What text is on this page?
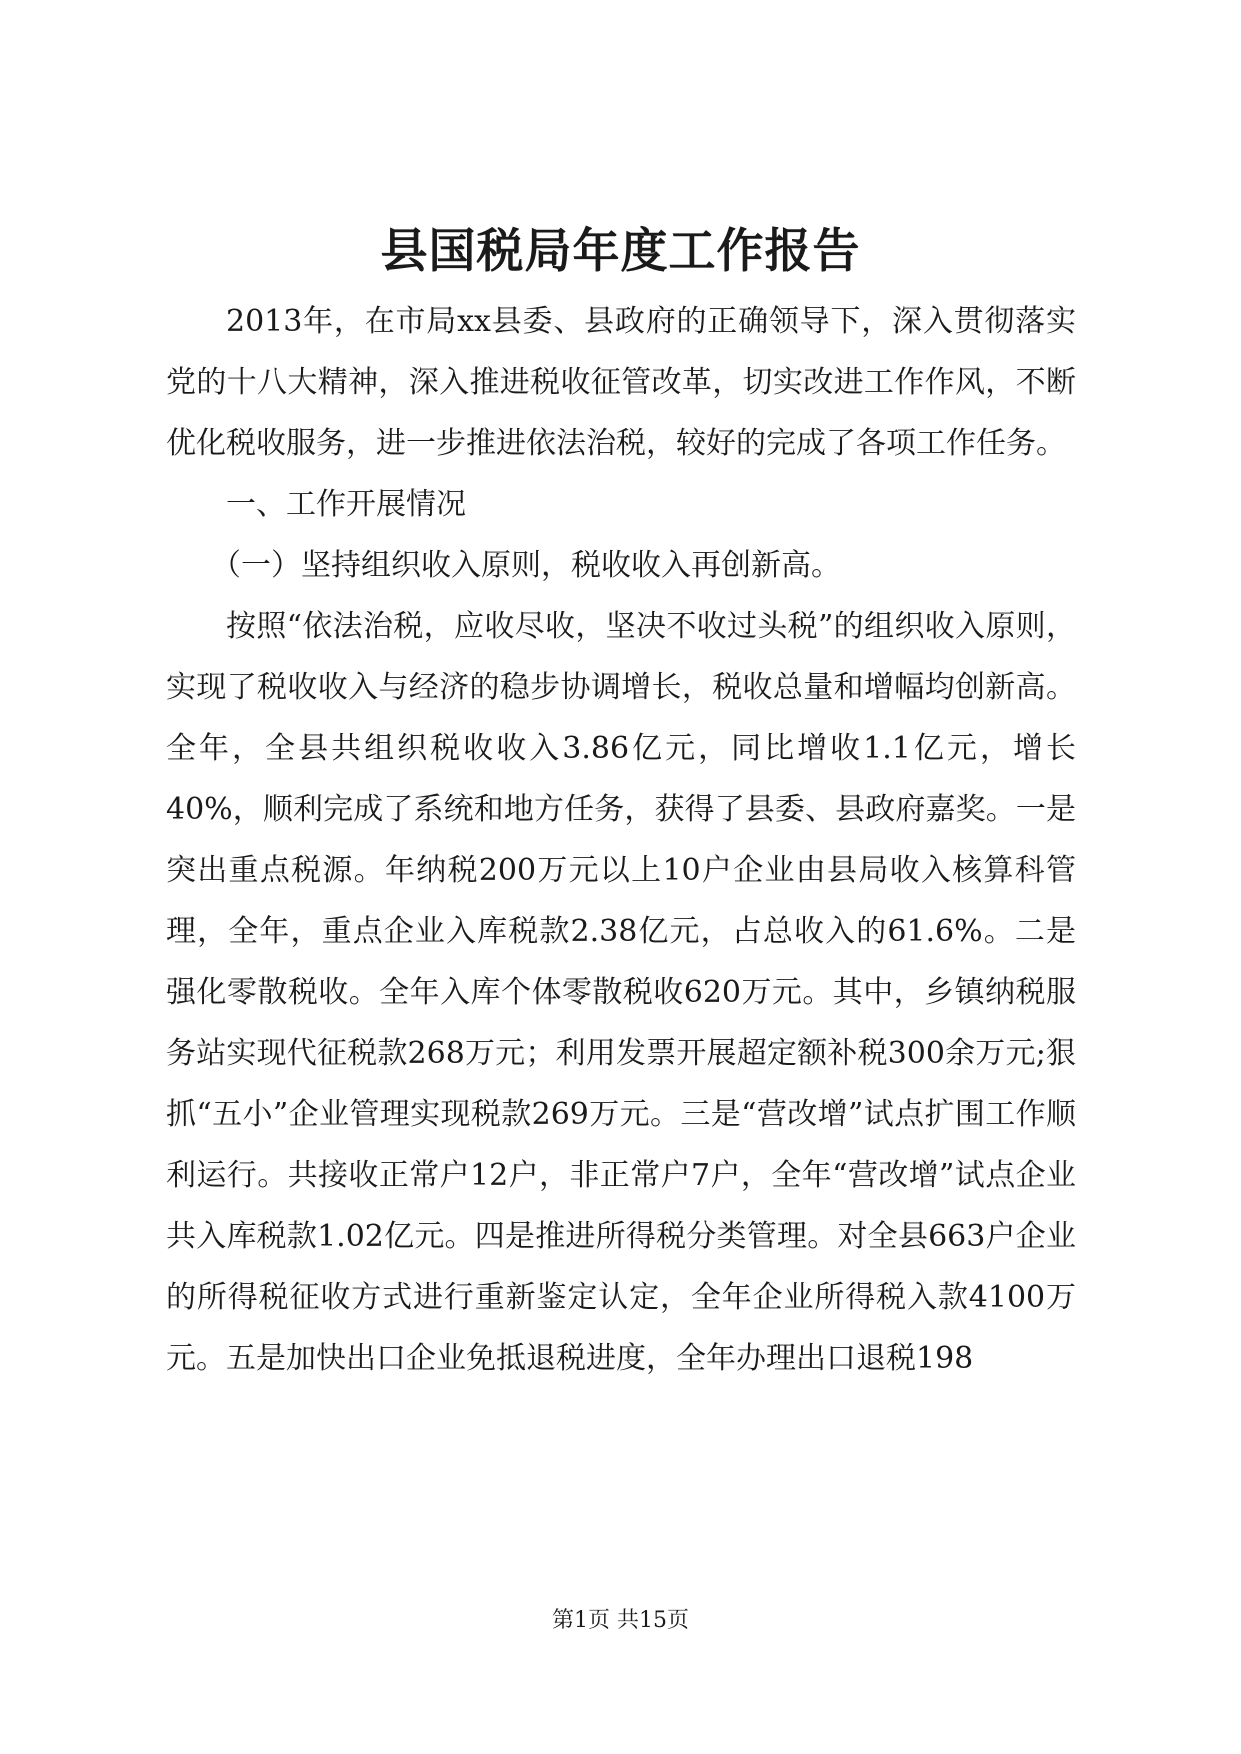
县国税局年度工作报告

2013年，在市局xx县委、县政府的正确领导下，深入贯彻落实党的十八大精神，深入推进税收征管改革，切实改进工作作风，不断优化税收服务，进一步推进依法治税，较好的完成了各项工作任务。

一、工作开展情况

（一）坚持组织收入原则，税收收入再创新高。

按照“依法治税，应收尽收，坚决不收过头税”的组织收入原则，实现了税收收入与经济的稳步协调增长，税收总量和增幅均创新高。全年，全县共组织税收收入3.86亿元，同比增收1.1亿元，增长40%，顺利完成了系统和地方任务，获得了县委、县政府嘉奖。一是突出重点税源。年纳税200万元以上10户企业由县局收入核算科管理，全年，重点企业入库税款2.38亿元，占总收入的61.6%。二是强化零散税收。全年入库个体零散税收620万元。其中，乡镇纳税服务站实现代征税款268万元；利用发票开展超定额补税300余万元;狠抓“五小”企业管理实现税款269万元。三是“营改增”试点扩围工作顺利运行。共接收正常户12户，非正常户7户，全年“营改增”试点企业共入库税款1.02亿元。四是推进所得税分类管理。对全县663户企业的所得税征收方式进行重新鉴定认定，全年企业所得税入款4100万元。五是加快出口企业免抵退税进度，全年办理出口退税198

第1页 共15页
